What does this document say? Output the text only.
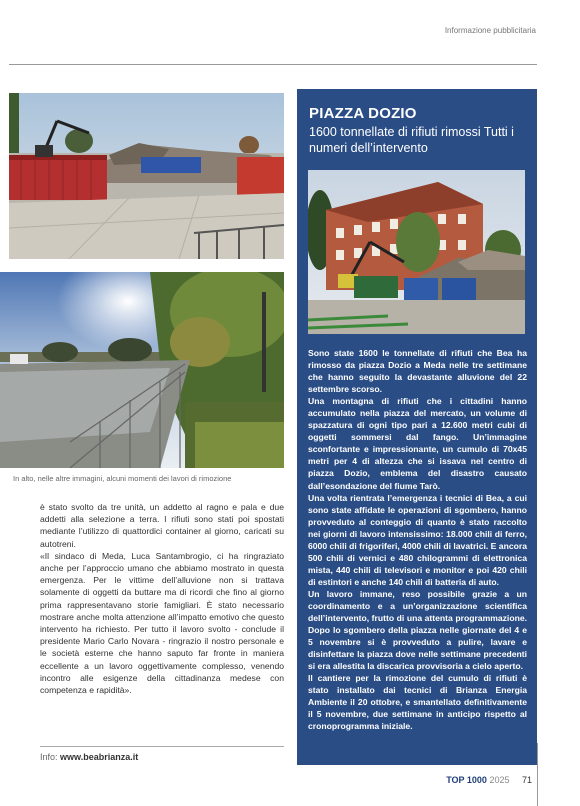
Informazione pubblicitaria
In alto, nelle altre immagini, alcuni momenti dei lavori di rimozione

è stato svolto da tre unità, un addetto al ragno e pala e due addetti alla selezione a terra. I rifiuti sono stati poi spostati mediante l’utilizzo di quattordici container al giorno, caricati su autotreni.

«Il sindaco di Meda, Luca Santambrogio, ci ha ringraziato anche per l’approccio umano che abbiamo mostrato in questa emergenza. Per le vittime dell’alluvione non si trattava solamente di oggetti da buttare ma di ricordi che fino al giorno prima rappresentavano storie famigliari. È stato necessario mostrare anche molta attenzione all’impatto emotivo che questo intervento ha richiesto. Per tutto il lavoro svolto - conclude il presidente Mario Carlo Novara - ringrazio il nostro personale e le società esterne che hanno saputo far fronte in maniera eccellente a un lavoro oggettivamente complesso, venendo incontro alle esigenze della cittadinanza medese con competenza e rapidità».

Info: www.beabrianza.it
PIAZZA DOZIO
1600 tonnellate di rifiuti rimossi Tutti i numeri dell’intervento

Sono state 1600 le tonnellate di rifiuti che Bea ha rimosso da piazza Dozio a Meda nelle tre settimane che hanno seguito la devastante alluvione del 22 settembre scorso.

Una montagna di rifiuti che i cittadini hanno accumulato nella piazza del mercato, un volume di spazzatura di ogni tipo pari a 12.600 metri cubi di oggetti sommersi dal fango. Un’immagine sconfortante e impressionante, un cumulo di 70x45 metri per 4 di altezza che si issava nel centro di piazza Dozio, emblema del disastro causato dall’esondazione del fiume Tarò.

Una volta rientrata l’emergenza i tecnici di Bea, a cui sono state affidate le operazioni di sgombero, hanno provveduto al conteggio di quanto è stato raccolto nei giorni di lavoro intensissimo: 18.000 chili di ferro, 6000 chili di frigoriferi, 4000 chili di lavatrici. E ancora 500 chili di vernici e 480 chilogrammi di elettronica mista, 440 chili di televisori e monitor e poi 420 chili di estintori e anche 140 chili di batteria di auto.

Un lavoro immane, reso possibile grazie a un coordinamento e a un’organizzazione scientifica dell’intervento, frutto di una attenta programmazione. Dopo lo sgombero della piazza nelle giornate del 4 e 5 novembre si è provveduto a pulire, lavare e disinfettare la piazza dove nelle settimane precedenti si era allestita la discarica provvisoria a cielo aperto.

Il cantiere per la rimozione del cumulo di rifiuti è stato installato dai tecnici di Brianza Energia Ambiente il 20 ottobre, e smantellato definitivamente il 5 novembre, due settimane in anticipo rispetto al cronoprogramma iniziale.

TOP 1000 2025 71
